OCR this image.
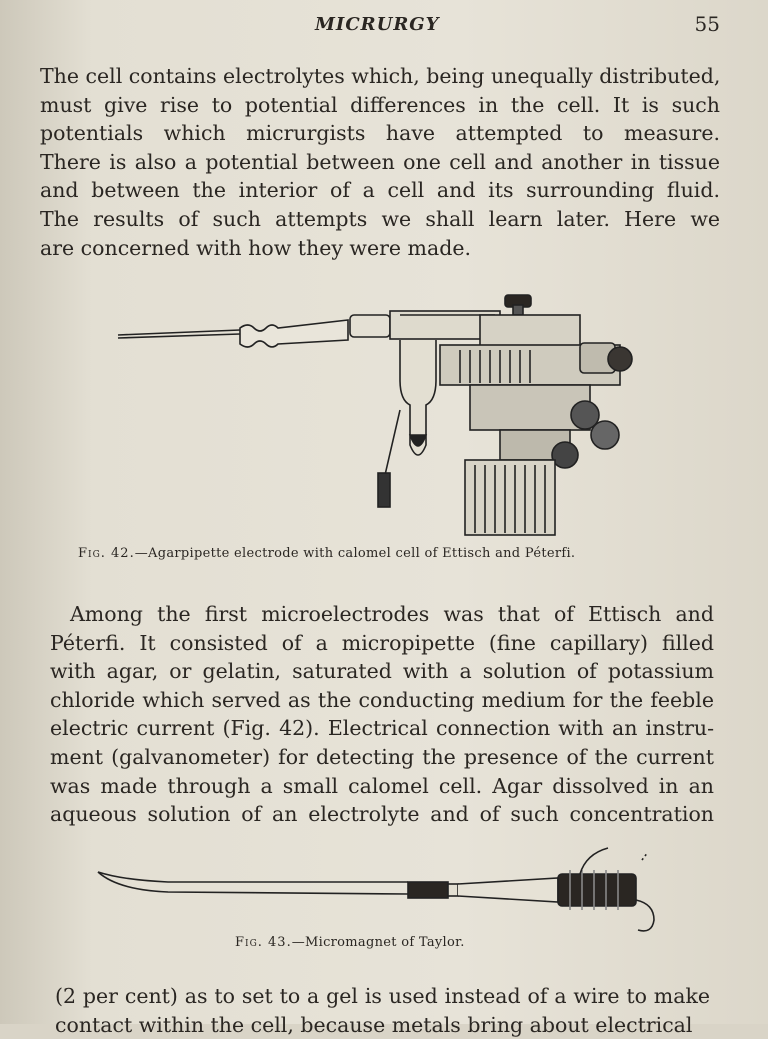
MICRURGY	55
The cell contains electrolytes which, being unequally distributed,
must give rise to potential differences in the cell. It is such
potentials which micrurgists have attempted to measure.
There is also a potential between one cell and another in tissue
and between the interior of a cell and its surrounding fluid.
The results of such attempts we shall learn later. Here we
are concerned with how they were made.
Fig. 42.—Agarpipette electrode with calomel cell of Ettisch and Péterfi.
Among the first microelectrodes was that of Ettisch and
Péterfi. It consisted of a micropipette (fine capillary) filled
with agar, or gelatin, saturated with a solution of potassium
chloride which served as the conducting medium for the feeble
electric current (Fig. 42). Electrical connection with an instru-
ment (galvanometer) for detecting the presence of the current
was made through a small calomel cell. Agar dissolved in an
aqueous solution of an electrolyte and of such concentration
Fig. 43.—Micromagnet of Taylor.
(2 per cent) as to set to a gel is used instead of a wire to make
contact within the cell, because metals bring about electrical
